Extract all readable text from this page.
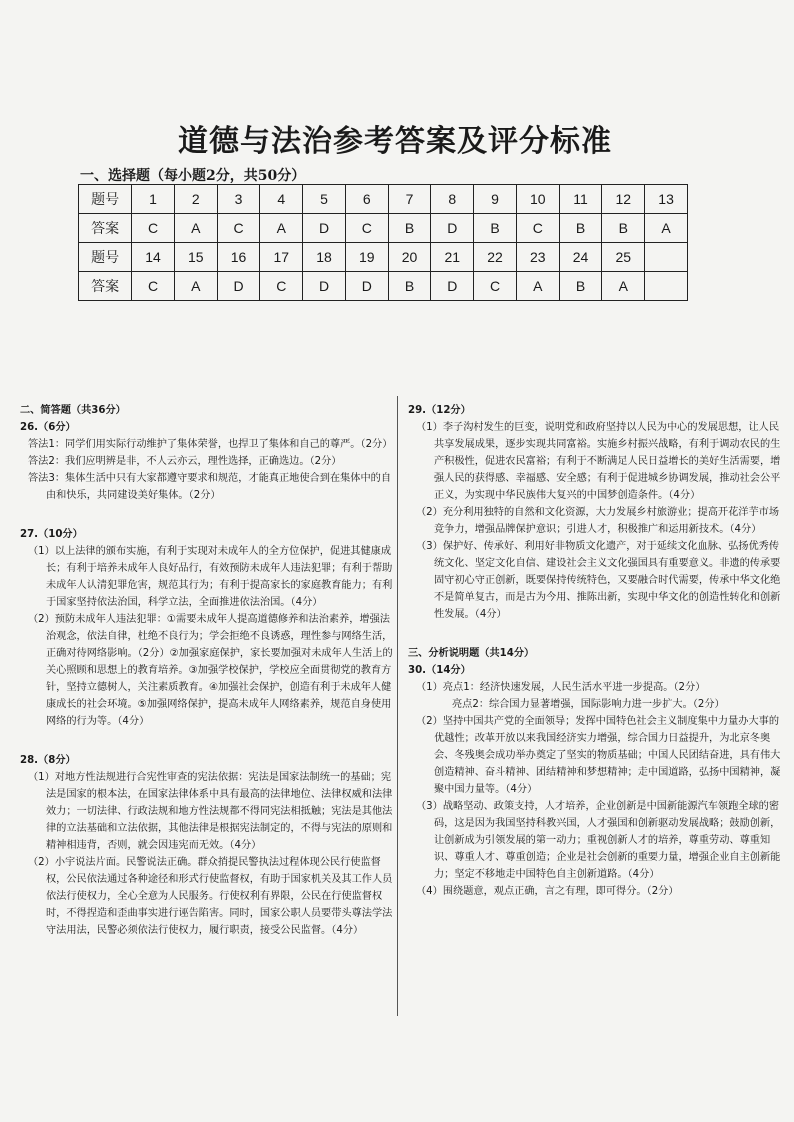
道德与法治参考答案及评分标准
一、选择题（每小题2分，共50分）
题号	1	2	3	4	5	6	7	8	9	10	11	12	13
答案	C	A	C	A	D	C	B	D	B	C	B	B	A
题号	14	15	16	17	18	19	20	21	22	23	24	25	
答案	C	A	D	C	D	D	B	D	C	A	B	A	

二、简答题（共36分）

26.（6分）

答法1：同学们用实际行动维护了集体荣誉，也捍卫了集体和自己的尊严。（2分）

答法2：我们应明辨是非，不人云亦云，理性选择，正确选边。（2分）

答法3：集体生活中只有大家都遵守要求和规范，才能真正地使合到在集体中的自由和快乐，共同建设美好集体。（2分）

27.（10分）

（1）以上法律的颁布实施，有利于实现对未成年人的全方位保护，促进其健康成长；有利于培养未成年人良好品行，有效预防未成年人违法犯罪；有利于帮助未成年人认清犯罪危害，规范其行为；有利于提高家长的家庭教育能力；有利于国家坚持依法治国，科学立法，全面推进依法治国。（4分）

（2）预防未成年人违法犯罪：①需要未成年人提高道德修养和法治素养，增强法治观念，依法自律，杜绝不良行为；学会拒绝不良诱惑，理性参与网络生活，正确对待网络影响。（2分）②加强家庭保护，家长要加强对未成年人生活上的关心照顾和思想上的教育培养。③加强学校保护，学校应全面贯彻党的教育方针，坚持立德树人，关注素质教育。④加强社会保护，创造有利于未成年人健康成长的社会环境。⑤加强网络保护，提高未成年人网络素养，规范自身使用网络的行为等。（4分）

28.（8分）

（1）对地方性法规进行合宪性审查的宪法依据：宪法是国家法制统一的基础；宪法是国家的根本法，在国家法律体系中具有最高的法律地位、法律权威和法律效力；一切法律、行政法规和地方性法规都不得同宪法相抵触；宪法是其他法律的立法基础和立法依据，其他法律是根据宪法制定的，不得与宪法的原则和精神相违背，否则，就会因违宪而无效。（4分）

（2）小宇说法片面。民警说法正确。群众捎提民警执法过程体现公民行使监督权，公民依法通过各种途径和形式行使监督权，有助于国家机关及其工作人员依法行使权力，全心全意为人民服务。行使权利有界限，公民在行使监督权时，不得捏造和歪曲事实进行诬告陷害。同时，国家公职人员要带头尊法学法守法用法，民警必须依法行使权力，履行职责，接受公民监督。（4分）

29.（12分）

（1）李子沟村发生的巨变，说明党和政府坚持以人民为中心的发展思想，让人民共享发展成果，逐步实现共同富裕。实施乡村振兴战略，有利于调动农民的生产积极性，促进农民富裕；有利于不断满足人民日益增长的美好生活需要，增强人民的获得感、幸福感、安全感；有利于促进城乡协调发展，推动社会公平正义，为实现中华民族伟大复兴的中国梦创造条件。（4分）

（2）充分利用独特的自然和文化资源，大力发展乡村旅游业；提高开花洋芋市场竞争力，增强品牌保护意识；引进人才，积极推广和运用新技术。（4分）

（3）保护好、传承好、利用好非物质文化遗产，对于延续文化血脉、弘扬优秀传统文化、坚定文化自信、建设社会主义文化强国具有重要意义。非遗的传承要固守初心守正创新，既要保持传统特色，又要融合时代需要，传承中华文化绝不是简单复古，而是古为今用、推陈出新，实现中华文化的创造性转化和创新性发展。（4分）

三、分析说明题（共14分）

30.（14分）

（1）亮点1：经济快速发展，人民生活水平进一步提高。（2分）

亮点2：综合国力显著增强，国际影响力进一步扩大。（2分）

（2）坚持中国共产党的全面领导；发挥中国特色社会主义制度集中力量办大事的优越性；改革开放以来我国经济实力增强，综合国力日益提升，为北京冬奥会、冬残奥会成功举办奠定了坚实的物质基础；中国人民团结奋进，具有伟大创造精神、奋斗精神、团结精神和梦想精神；走中国道路，弘扬中国精神，凝聚中国力量等。（4分）

（3）战略坚动、政策支持，人才培养，企业创新是中国新能源汽车领跑全球的密码，这是因为我国坚持科教兴国，人才强国和创新驱动发展战略；鼓励创新，让创新成为引领发展的第一动力；重视创新人才的培养，尊重劳动、尊重知识、尊重人才、尊重创造；企业是社会创新的重要力量，增强企业自主创新能力；坚定不移地走中国特色自主创新道路。（4分）

（4）围绕题意，观点正确，言之有理，即可得分。（2分）
